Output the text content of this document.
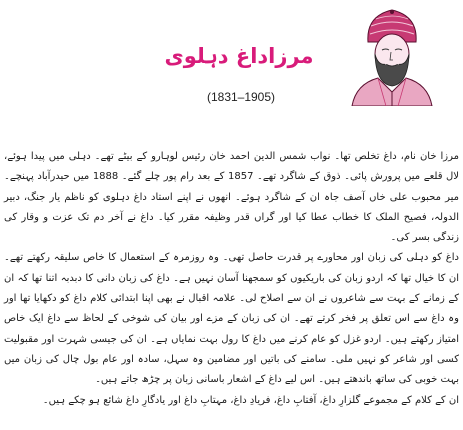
مرزاداغ دہلوی
(1831–1905)

مرزا خان نام، داغ تخلص تھا۔ نواب شمس الدین احمد خان رئیس لوہارو کے بیٹے تھے۔ دہلی میں پیدا ہوئے، لال قلعے میں پرورش پائی۔ ذوق کے شاگرد تھے۔ 1857 کے بعد رام پور چلے گئے۔ 1888 میں حیدرآباد پہنچے۔ میر محبوب علی خاں آصف جاہ ان کے شاگرد ہوئے۔ انھوں نے اپنے استاد داغ دہلوی کو ناظم یار جنگ، دبیر الدولہ، فصیح الملک کا خطاب عطا کیا اور گراں قدر وظیفہ مقرر کیا۔ داغ نے آخر دم تک عزت و وقار کی زندگی بسر کی۔

داغ کو دہلی کی زبان اور محاورے پر قدرت حاصل تھی۔ وہ روزمرہ کے استعمال کا خاص سلیقہ رکھتے تھے۔ ان کا خیال تھا کہ اردو زبان کی باریکیوں کو سمجھنا آسان نہیں ہے۔ داغ کی زبان دانی کا دبدبہ اتنا تھا کہ ان کے زمانے کے بہت سے شاعروں نے ان سے اصلاح لی۔ علامہ اقبال نے بھی اپنا ابتدائی کلام داغ کو دکھایا تھا اور وہ داغ سے اس تعلق پر فخر کرتے تھے۔ ان کی زبان کے مزے اور بیان کی شوخی کے لحاظ سے داغ ایک خاص امتیاز رکھتے ہیں۔ اردو غزل کو عام کرنے میں داغ کا رول بہت نمایاں ہے۔ ان کی جیسی شہرت اور مقبولیت کسی اور شاعر کو نہیں ملی۔ سامنے کی باتیں اور مضامین وہ سہل، سادہ اور عام بول چال کی زبان میں بہت خوبی کی ساتھ باندھتے ہیں۔ اس لیے داغ کے اشعار باسانی زبان پر چڑھ جاتے ہیں۔

ان کے کلام کے مجموعے گلزارِ داغ، آفتابِ داغ، فریادِ داغ، مہتابِ داغ اور یادگارِ داغ شائع ہو چکے ہیں۔
